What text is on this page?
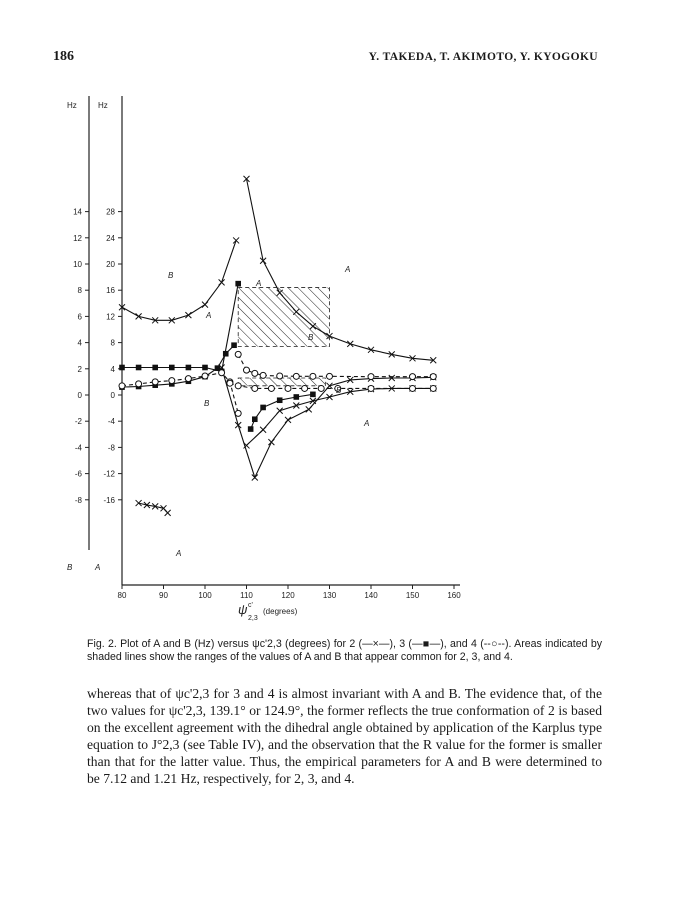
186	Y. TAKEDA, T. AKIMOTO, Y. KYOGOKU
Hz	Hz
14	28
12	24
10	20
8	16
6	12
4	8
2	4
0	0
-2	-4
-4	-8
-6	-12
-8	-16
B	A
80	90	100	110	120	130	140	150	160
ψ c'
2,3
(degrees)
A
B
A
A
B
B
B
A
A
Fig. 2. Plot of A and B (Hz) versus ψc'2,3 (degrees) for 2 (—×—), 3 (—■—), and 4 (--○--). Areas indicated by shaded lines show the ranges of the values of A and B that appear common for 2, 3, and 4.

whereas that of ψc'2,3 for 3 and 4 is almost invariant with A and B. The evidence that, of the two values for ψc'2,3, 139.1° or 124.9°, the former reflects the true conformation of 2 is based on the excellent agreement with the dihedral angle obtained by application of the Karplus type equation to J°2,3 (see Table IV), and the observation that the R value for the former is smaller than that for the latter value. Thus, the empirical parameters for A and B were determined to be 7.12 and 1.21 Hz, respectively, for 2, 3, and 4.
